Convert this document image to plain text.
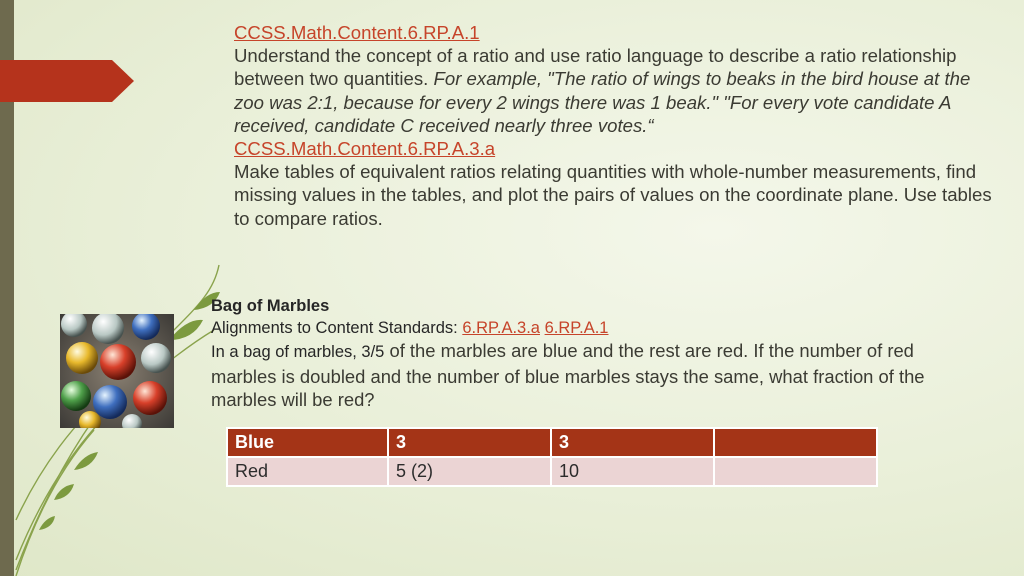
CCSS.Math.Content.6.RP.A.1
Understand the concept of a ratio and use ratio language to describe a ratio relationship between two quantities. For example, "The ratio of wings to beaks in the bird house at the zoo was 2:1, because for every 2 wings there was 1 beak." "For every vote candidate A received, candidate C received nearly three votes.“

CCSS.Math.Content.6.RP.A.3.a
Make tables of equivalent ratios relating quantities with whole-number measurements, find missing values in the tables, and plot the pairs of values on the coordinate plane. Use tables to compare ratios.

Bag of Marbles
Alignments to Content Standards: 6.RP.A.3.a 6.RP.A.1
In a bag of marbles, 3/5 of the marbles are blue and the rest are red. If the number of red marbles is doubled and the number of blue marbles stays the same, what fraction of the marbles will be red?
Blue	3	3	
Red	5 (2)	10	
